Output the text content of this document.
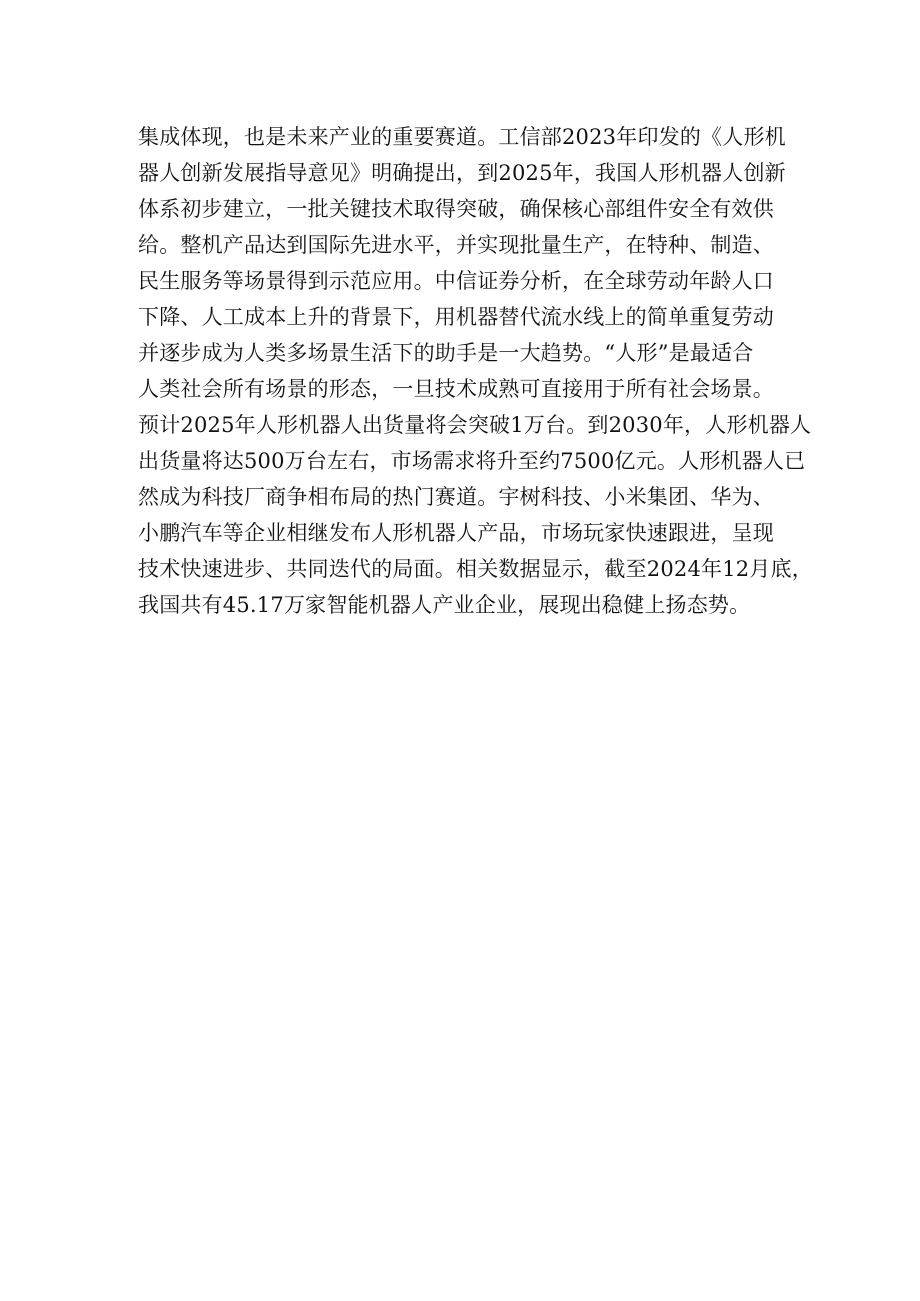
集成体现，也是未来产业的重要赛道。工信部2023年印发的《人形机
器人创新发展指导意见》明确提出，到2025年，我国人形机器人创新
体系初步建立，一批关键技术取得突破，确保核心部组件安全有效供
给。整机产品达到国际先进水平，并实现批量生产，在特种、制造、
民生服务等场景得到示范应用。中信证券分析，在全球劳动年龄人口
下降、人工成本上升的背景下，用机器替代流水线上的简单重复劳动
并逐步成为人类多场景生活下的助手是一大趋势。“人形”是最适合
人类社会所有场景的形态，一旦技术成熟可直接用于所有社会场景。
预计2025年人形机器人出货量将会突破1万台。到2030年，人形机器人
出货量将达500万台左右，市场需求将升至约7500亿元。人形机器人已
然成为科技厂商争相布局的热门赛道。宇树科技、小米集团、华为、
小鹏汽车等企业相继发布人形机器人产品，市场玩家快速跟进，呈现
技术快速进步、共同迭代的局面。相关数据显示，截至2024年12月底，
我国共有45.17万家智能机器人产业企业，展现出稳健上扬态势。
